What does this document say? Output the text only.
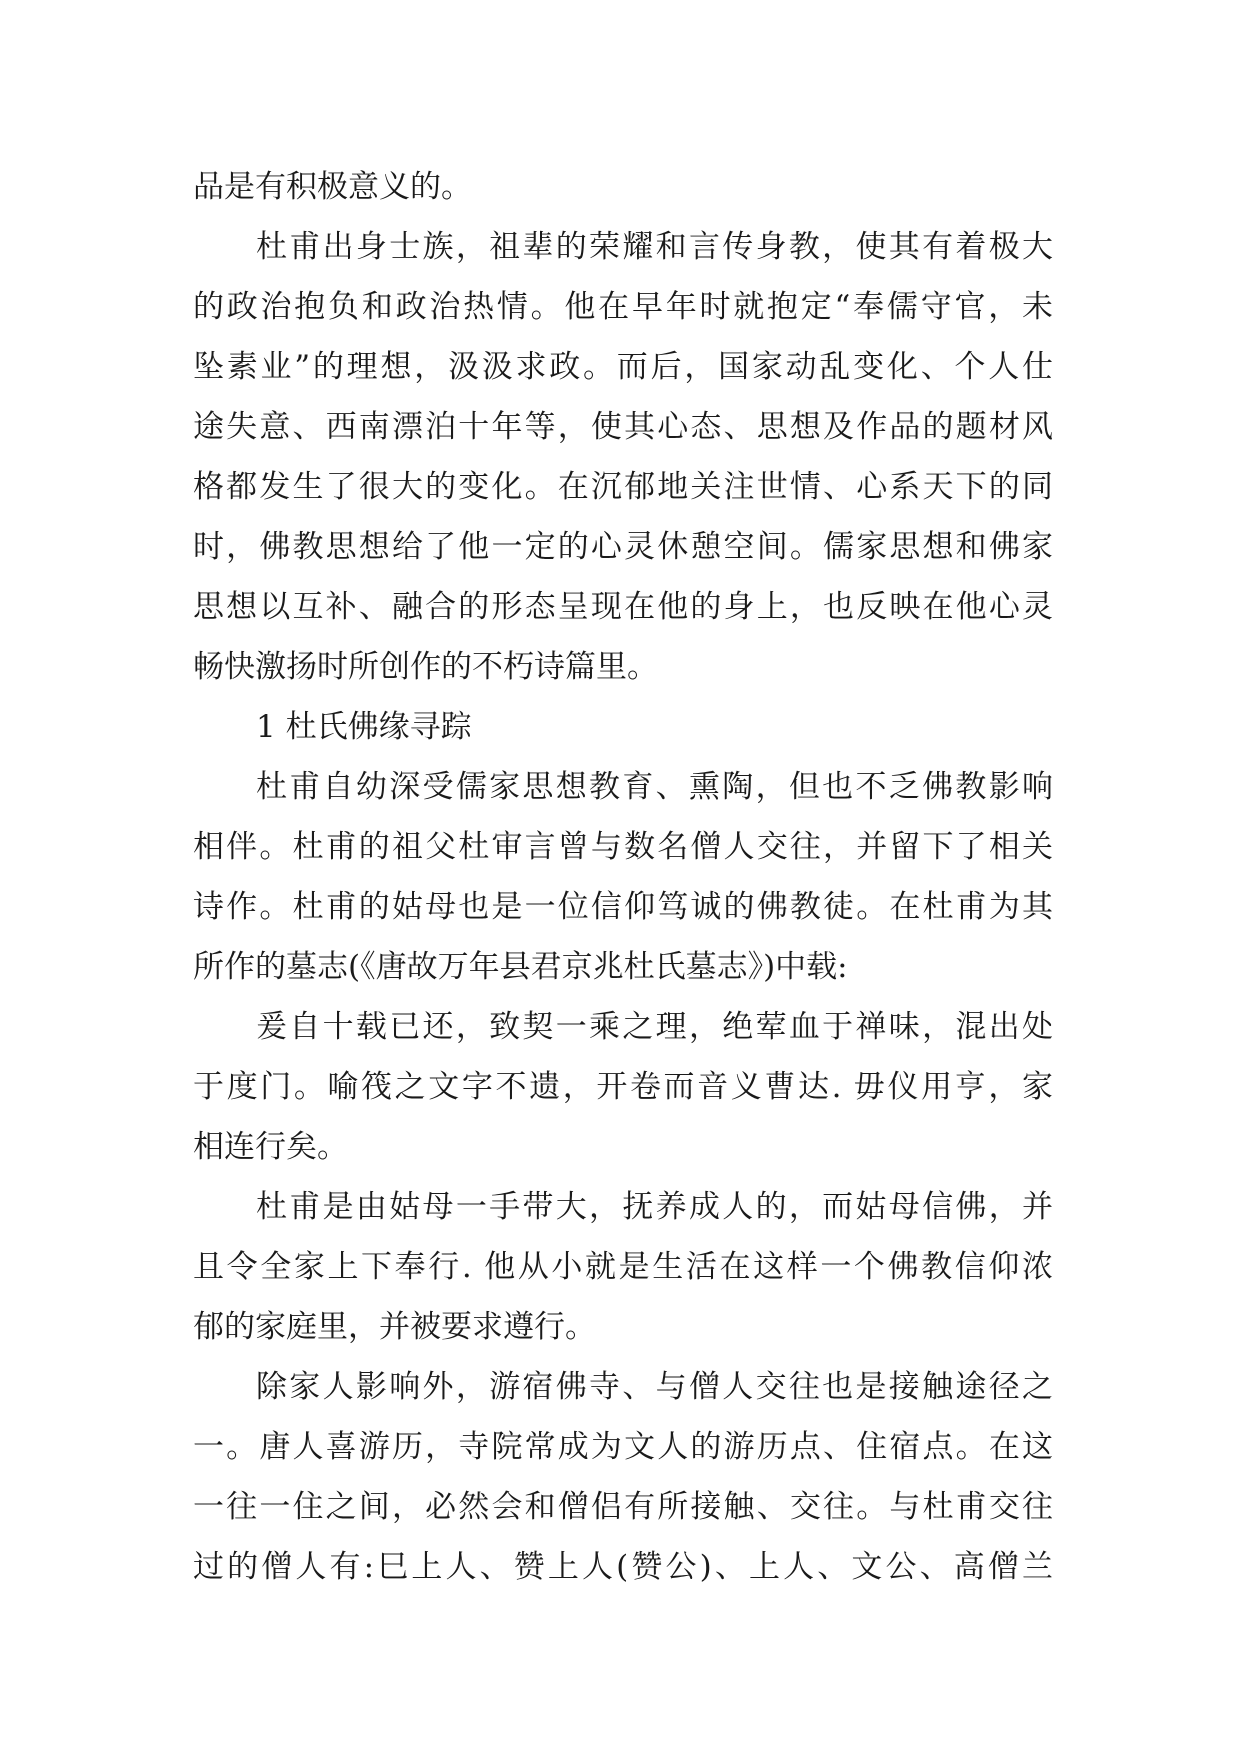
品是有积极意义的。
杜甫出身士族，祖辈的荣耀和言传身教，使其有着极大
的政治抱负和政治热情。他在早年时就抱定“奉儒守官，未
坠素业”的理想，汲汲求政。而后，国家动乱变化、个人仕
途失意、西南漂泊十年等，使其心态、思想及作品的题材风
格都发生了很大的变化。在沉郁地关注世情、心系天下的同
时，佛教思想给了他一定的心灵休憩空间。儒家思想和佛家
思想以互补、融合的形态呈现在他的身上，也反映在他心灵
畅快激扬时所创作的不朽诗篇里。
1 杜氏佛缘寻踪
杜甫自幼深受儒家思想教育、熏陶，但也不乏佛教影响
相伴。杜甫的祖父杜审言曾与数名僧人交往，并留下了相关
诗作。杜甫的姑母也是一位信仰笃诚的佛教徒。在杜甫为其
所作的墓志(《唐故万年县君京兆杜氏墓志》)中载:
爰自十载已还，致契一乘之理，绝荤血于禅味，混出处
于度门。喻筏之文字不遗，开卷而音义曹达. 毋仪用亨，家
相连行矣。
杜甫是由姑母一手带大，抚养成人的，而姑母信佛，并
且令全家上下奉行. 他从小就是生活在这样一个佛教信仰浓
郁的家庭里，并被要求遵行。
除家人影响外，游宿佛寺、与僧人交往也是接触途径之
一。唐人喜游历，寺院常成为文人的游历点、住宿点。在这
一往一住之间，必然会和僧侣有所接触、交往。与杜甫交往
过的僧人有:巳上人、赞上人(赞公)、上人、文公、高僧兰
